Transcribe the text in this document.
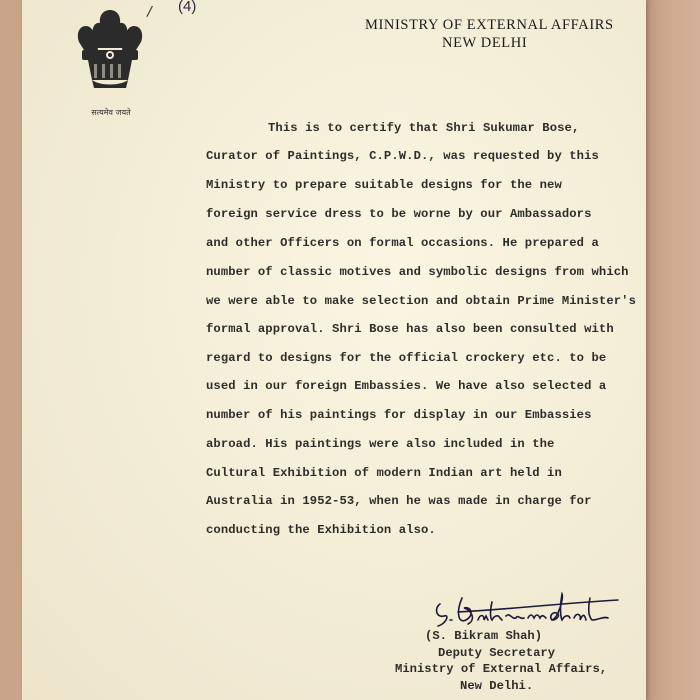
/ (4)
सत्यमेव जयते
MINISTRY OF EXTERNAL AFFAIRS
NEW DELHI
This is to certify that Shri Sukumar Bose,
Curator of Paintings, C.P.W.D., was requested by this
Ministry to prepare suitable designs for the new
foreign service dress to be worne by our Ambassadors
and other Officers on formal occasions. He prepared a
number of classic motives and symbolic designs from which
we were able to make selection and obtain Prime Minister's
formal approval. Shri Bose has also been consulted with
regard to designs for the official crockery etc. to be
used in our foreign Embassies. We have also selected a
number of his paintings for display in our Embassies
abroad. His paintings were also included in the
Cultural Exhibition of modern Indian art held in
Australia in 1952-53, when he was made in charge for
conducting the Exhibition also.
(S. Bikram Shah)
Deputy Secretary
Ministry of External Affairs,
New Delhi.
